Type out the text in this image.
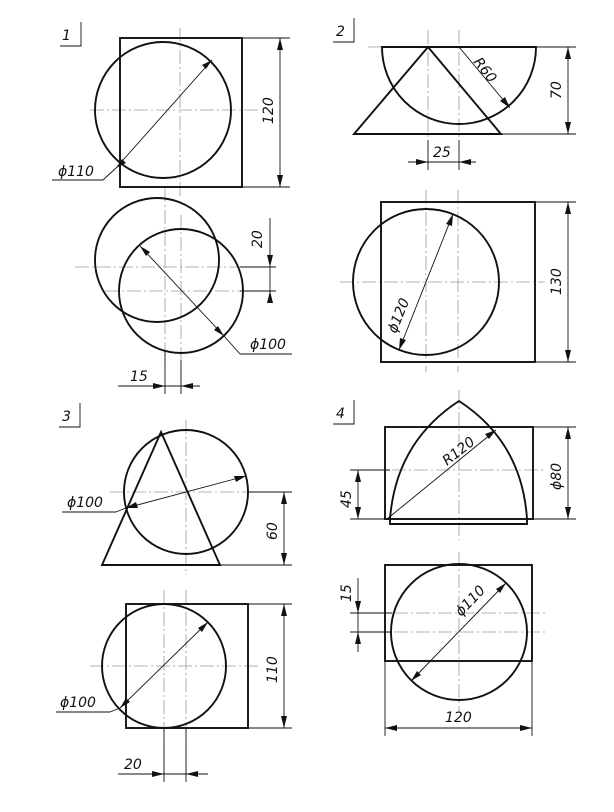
1
ϕ110
120
ϕ100
20
15
2
R60
70
25
ϕ120
130
3
ϕ100
60
ϕ100
110
20
4
R120
ϕ80
45
ϕ110
15
120
